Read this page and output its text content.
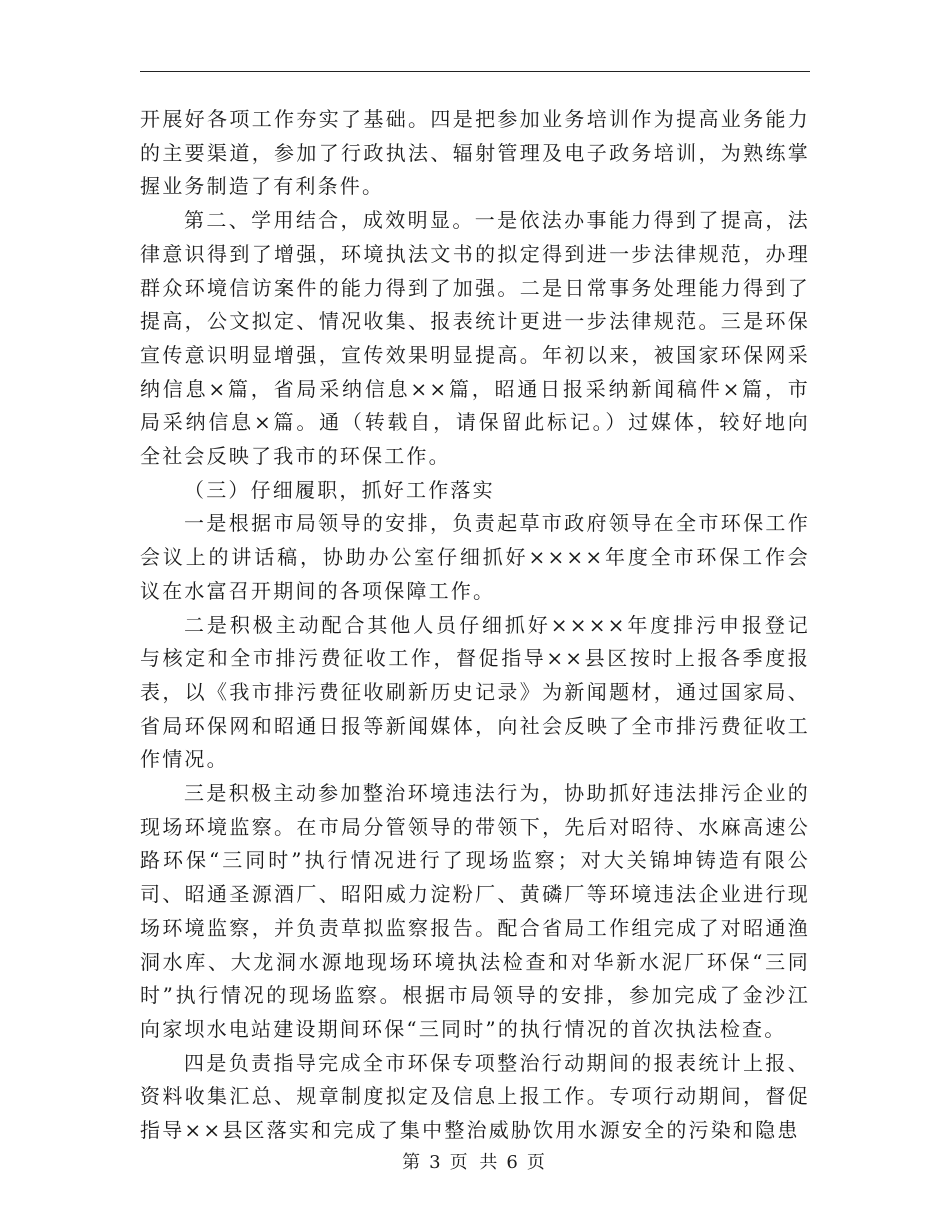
开展好各项工作夯实了基础。四是把参加业务培训作为提高业务能力的主要渠道，参加了行政执法、辐射管理及电子政务培训，为熟练掌握业务制造了有利条件。

第二、学用结合，成效明显。一是依法办事能力得到了提高，法律意识得到了增强，环境执法文书的拟定得到进一步法律规范，办理群众环境信访案件的能力得到了加强。二是日常事务处理能力得到了提高，公文拟定、情况收集、报表统计更进一步法律规范。三是环保宣传意识明显增强，宣传效果明显提高。年初以来，被国家环保网采纳信息×篇，省局采纳信息××篇，昭通日报采纳新闻稿件×篇，市局采纳信息×篇。通（转载自，请保留此标记。）过媒体，较好地向全社会反映了我市的环保工作。

（三）仔细履职，抓好工作落实

一是根据市局领导的安排，负责起草市政府领导在全市环保工作会议上的讲话稿，协助办公室仔细抓好××××年度全市环保工作会议在水富召开期间的各项保障工作。

二是积极主动配合其他人员仔细抓好××××年度排污申报登记与核定和全市排污费征收工作，督促指导××县区按时上报各季度报表，以《我市排污费征收刷新历史记录》为新闻题材，通过国家局、省局环保网和昭通日报等新闻媒体，向社会反映了全市排污费征收工作情况。

三是积极主动参加整治环境违法行为，协助抓好违法排污企业的现场环境监察。在市局分管领导的带领下，先后对昭待、水麻高速公路环保“三同时”执行情况进行了现场监察；对大关锦坤铸造有限公司、昭通圣源酒厂、昭阳威力淀粉厂、黄磷厂等环境违法企业进行现场环境监察，并负责草拟监察报告。配合省局工作组完成了对昭通渔洞水库、大龙洞水源地现场环境执法检查和对华新水泥厂环保“三同时”执行情况的现场监察。根据市局领导的安排，参加完成了金沙江向家坝水电站建设期间环保“三同时”的执行情况的首次执法检查。

四是负责指导完成全市环保专项整治行动期间的报表统计上报、资料收集汇总、规章制度拟定及信息上报工作。专项行动期间，督促指导××县区落实和完成了集中整治威胁饮用水源安全的污染和隐患

第 3 页 共 6 页
